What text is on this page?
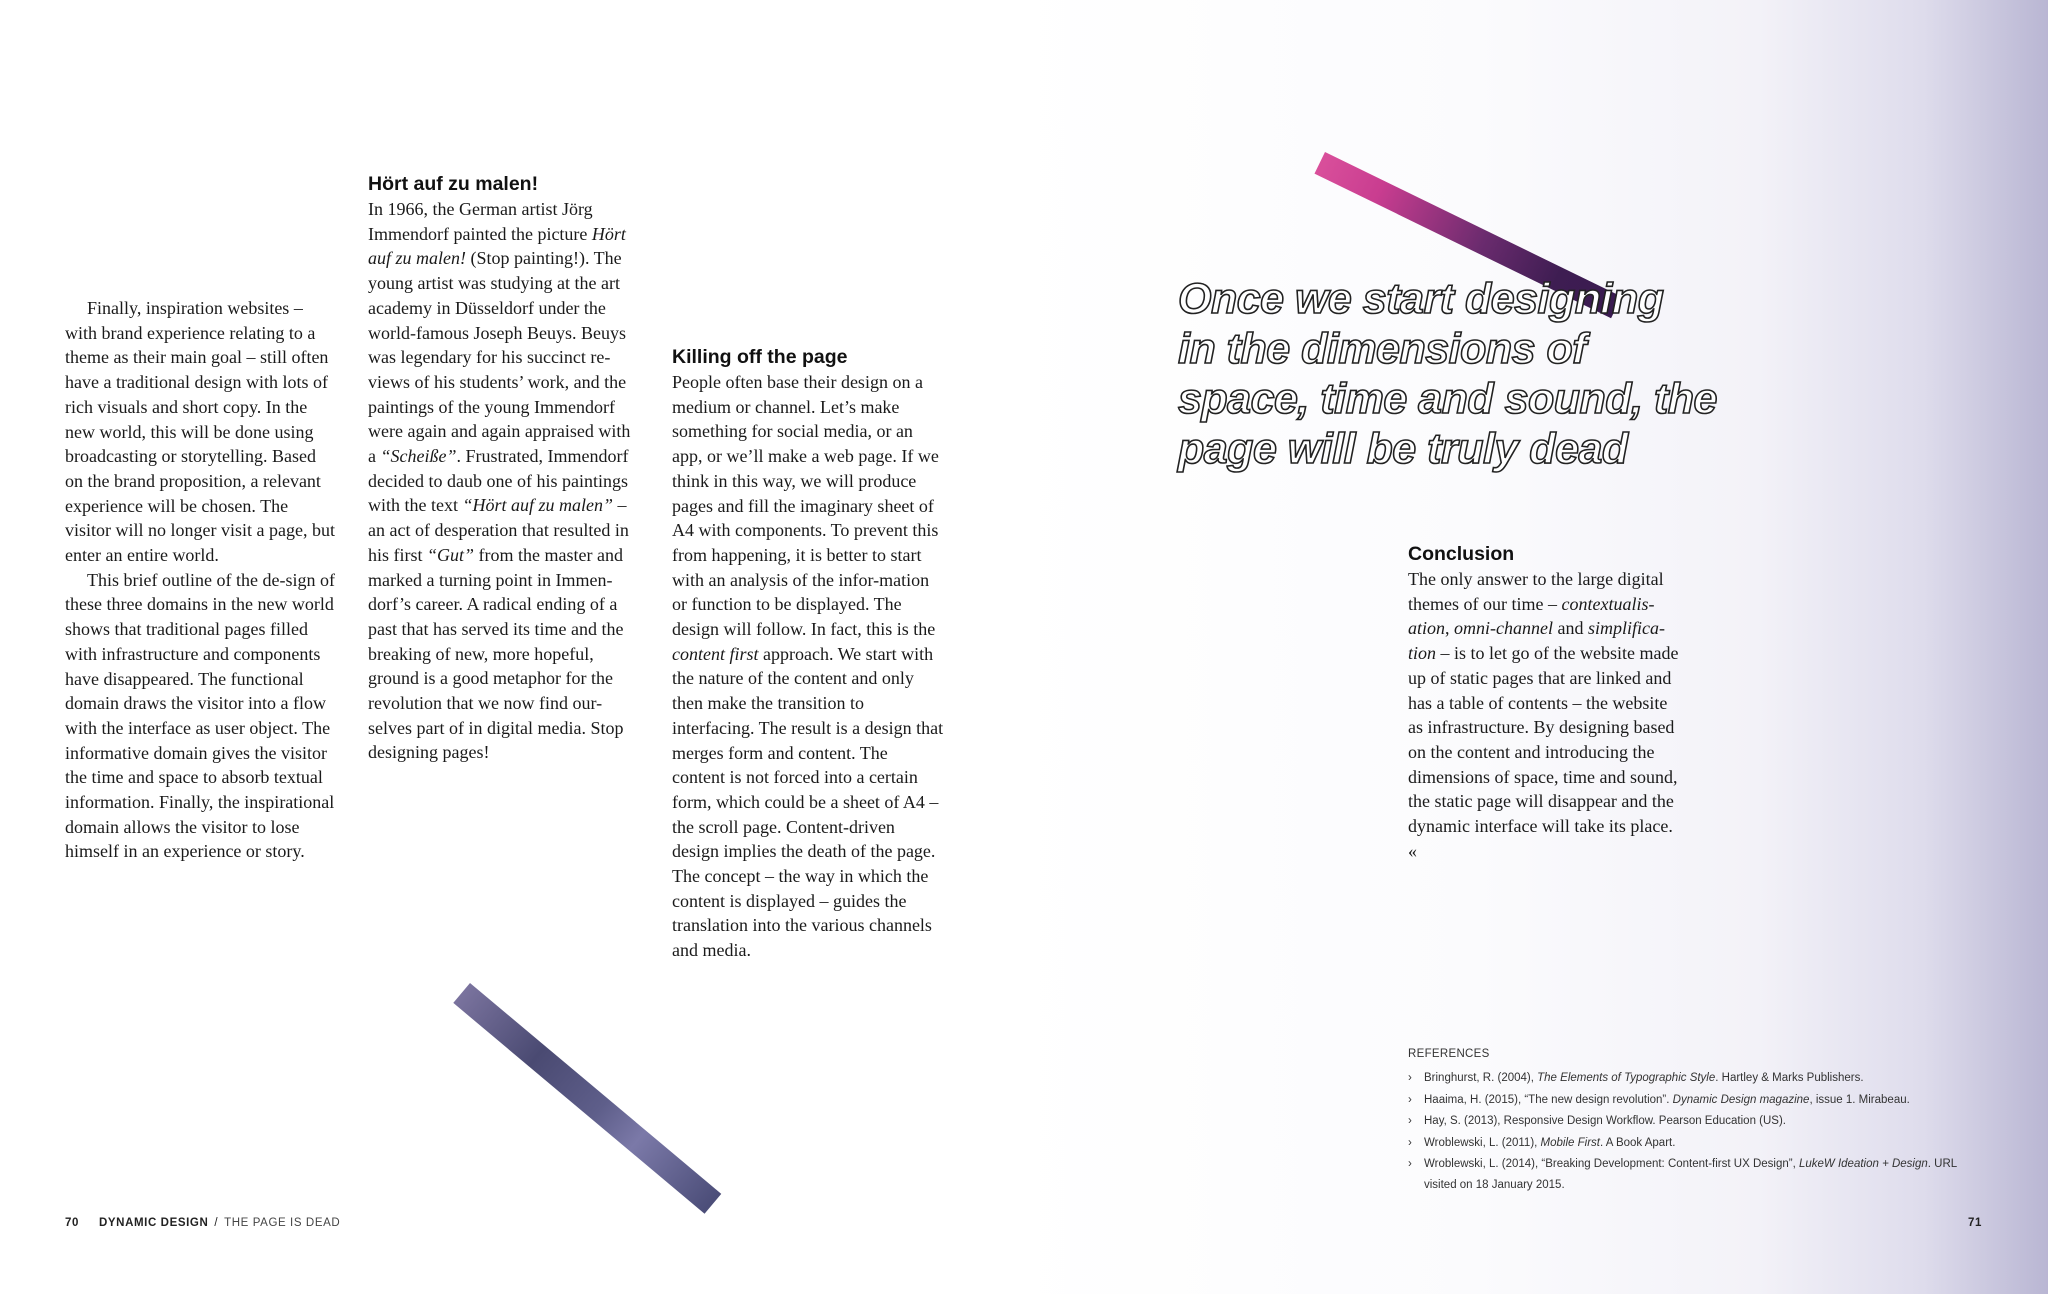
Finally, inspiration websites – with brand experience relating to a theme as their main goal – still often have a traditional design with lots of rich visuals and short copy. In the new world, this will be done using broadcasting or storytelling. Based on the brand proposition, a relevant experience will be chosen. The visitor will no longer visit a page, but enter an entire world.

This brief outline of the de-sign of these three domains in the new world shows that traditional pages filled with infrastructure and components have disappeared. The functional domain draws the visitor into a flow with the interface as user object. The informative domain gives the visitor the time and space to absorb textual information. Finally, the inspirational domain allows the visitor to lose himself in an experience or story.

Hört auf zu malen!

In 1966, the German artist Jörg Immendorf painted the picture Hört auf zu malen! (Stop painting!). The young artist was studying at the art academy in Düsseldorf under the world-famous Joseph Beuys. Beuys was legendary for his succinct re-views of his students’ work, and the paintings of the young Immendorf were again and again appraised with a “Scheiße”. Frustrated, Immendorf decided to daub one of his paintings with the text “Hört auf zu malen” – an act of desperation that resulted in his first “Gut” from the master and marked a turning point in Immen-dorf’s career. A radical ending of a past that has served its time and the breaking of new, more hopeful, ground is a good metaphor for the revolution that we now find our-selves part of in digital media. Stop designing pages!

Killing off the page

People often base their design on a medium or channel. Let’s make something for social media, or an app, or we’ll make a web page. If we think in this way, we will produce pages and fill the imaginary sheet of A4 with components. To prevent this from happening, it is better to start with an analysis of the infor-mation or function to be displayed. The design will follow. In fact, this is the content first approach. We start with the nature of the content and only then make the transition to interfacing. The result is a design that merges form and content. The content is not forced into a certain form, which could be a sheet of A4 – the scroll page. Content-driven design implies the death of the page. The concept – the way in which the content is displayed – guides the translation into the various channels and media.

Once we start designing
in the dimensions of
space, time and sound, the
page will be truly dead
Conclusion

The only answer to the large digital themes of our time – contextualis-ation, omni-channel and simplifica-tion – is to let go of the website made up of static pages that are linked and has a table of contents – the website as infrastructure. By designing based on the content and introducing the dimensions of space, time and sound, the static page will disappear and the dynamic interface will take its place. «

REFERENCES
› Bringhurst, R. (2004), The Elements of Typographic Style. Hartley & Marks Publishers.
› Haaima, H. (2015), “The new design revolution”. Dynamic Design magazine, issue 1. Mirabeau.
› Hay, S. (2013), Responsive Design Workflow. Pearson Education (US).
› Wroblewski, L. (2011), Mobile First. A Book Apart.
› Wroblewski, L. (2014), “Breaking Development: Content-first UX Design”, LukeW Ideation + Design. URL visited on 18 January 2015.
70 DYNAMIC DESIGN / THE PAGE IS DEAD	71
